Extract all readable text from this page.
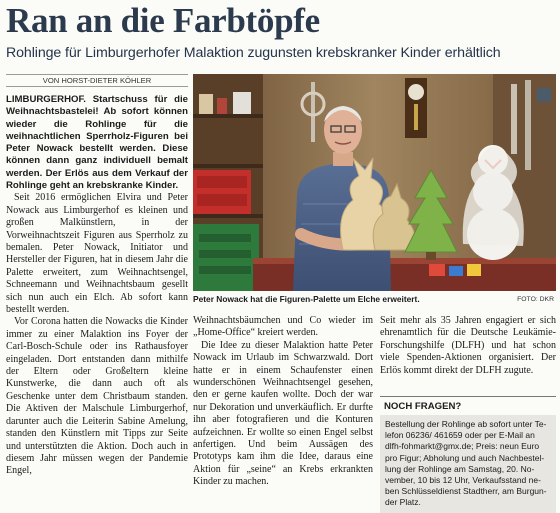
Ran an die Farbtöpfe
Rohlinge für Limburgerhofer Malaktion zugunsten krebskranker Kinder erhältlich
VON HORST-DIETER KÖHLER

LIMBURGERHOF. Startschuss für die Weihnachtsbastelei! Ab sofort können wieder die Rohlinge für die weihnachtlichen Sperrholz-Figuren bei Peter Nowack bestellt werden. Diese können dann ganz individuell bemalt werden. Der Erlös aus dem Verkauf der Rohlinge geht an krebskranke Kinder.

Seit 2016 ermöglichen Elvira und Peter Nowack aus Limburgerhof es kleinen und großen Malkünstlern, in der Vorweihnachtszeit Figuren aus Sperrholz zu bemalen. Peter Nowack, Initiator und Hersteller der Figuren, hat in diesem Jahr die Palette erweitert, zum Weihnachtsengel, Schneemann und Weihnachtsbaum gesellt sich nun auch ein Elch. Ab sofort kann bestellt werden.

Vor Corona hatten die Nowacks die Kinder immer zu einer Malaktion ins Foyer der Carl-Bosch-Schule oder ins Rathausfoyer eingeladen. Dort entstanden dann mithilfe der Eltern oder Großeltern kleine Kunstwerke, die dann auch oft als Geschenke unter dem Christbaum standen. Die Aktiven der Malschule Limburgerhof, darunter auch die Leiterin Sabine Amelung, standen den Künstlern mit Tipps zur Seite und unterstützten die Aktion. Doch auch in diesem Jahr müssen wegen der Pandemie Engel,

Peter Nowack hat die Figuren-Palette um Elche erweitert.	FOTO: DKR

Weihnachtsbäumchen und Co wieder im „Home-Office“ kreiert werden.

Die Idee zu dieser Malaktion hatte Peter Nowack im Urlaub im Schwarzwald. Dort hatte er in einem Schaufenster einen wunderschönen Weihnachtsengel gesehen, den er gerne kaufen wollte. Doch der war nur Dekoration und unverkäuflich. Er durfte ihn aber fotografieren und die Konturen aufzeichnen. Er wollte so einen Engel selbst anfertigen. Und beim Aussägen des Prototyps kam ihm die Idee, daraus eine Aktion für „seine“ an Krebs erkrankten Kinder zu machen.

Seit mehr als 35 Jahren engagiert er sich ehrenamtlich für die Deutsche Leukämie-Forschungshilfe (DLFH) und hat schon viele Spenden-Aktionen organisiert. Der Erlös kommt direkt der DLFH zugute.

NOCH FRAGEN?
Bestellung der Rohlinge ab sofort unter Telefon 06236/ 461659 oder per E-Mail an dlfh-fohmarkt@gmx.de; Preis: neun Euro pro Figur; Abholung und auch Nachbestellung der Rohlinge am Samstag, 20. November, 10 bis 12 Uhr, Verkaufsstand neben Schlüsseldienst Stadtherr, am Burgunder Platz.
